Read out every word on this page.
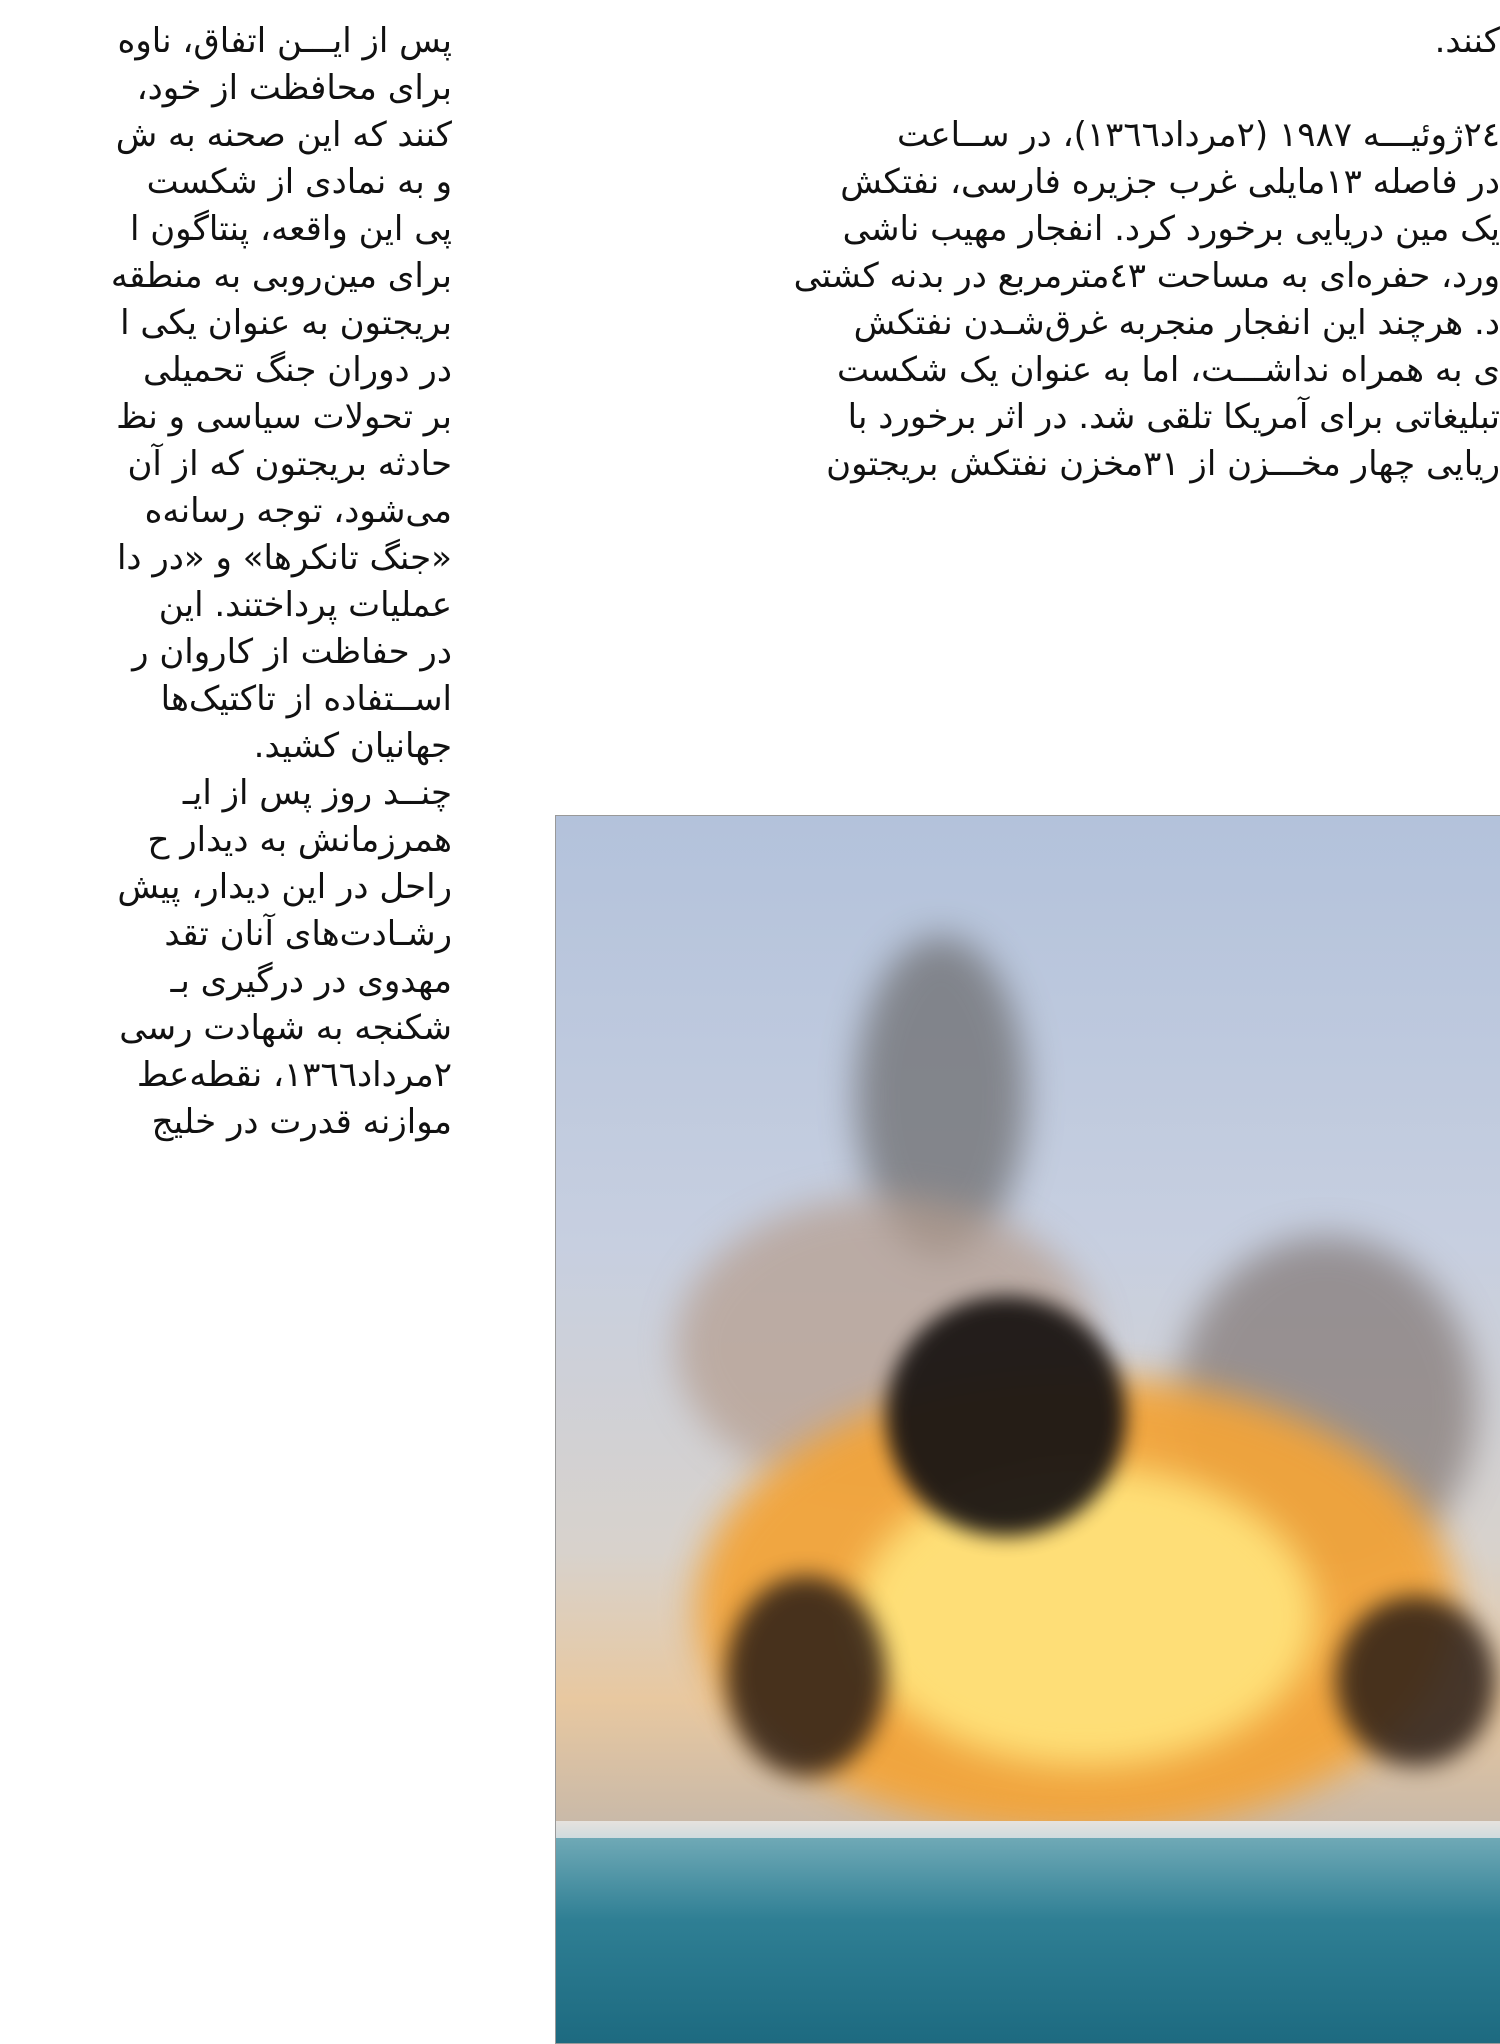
پس از ایـــن اتفاق، ناوه
برای محافظت از خود،
کنند که این صحنه به ش
و به نمادی از شکست
پی این واقعه، پنتاگون ا
برای مین‌روبی به منطقه
بریجتون به عنوان یکی ا
در دوران جنگ تحمیلی
بر تحولات سیاسی و نظ
حادثه بریجتون که از آن
می‌شود، توجه رسانه‌ه
«جنگ تانکرها» و «در دا
عملیات پرداختند. این
در حفاظت از کاروان ر
اســتفاده از تاکتیک‌ها
جهانیان کشید.
چنــد روز پس از ایـ
همرزمانش به دیدار ح
راحل در این دیدار، پیش
رشـادت‌های آنان تقد
مهدوی در درگیری بـ
شکنجه به شهادت رسی
۲مرداد۱۳٦٦، نقطه‌عط
موازنه قدرت در خلیج
کنند.
۲٤ژوئیـــه ۱۹۸۷ (۲مرداد۱۳٦٦)، در ســاعت
در فاصله ۱۳مایلی غرب جزیره فارسی، نفتکش
یک مین دریایی برخورد کرد. انفجار مهیب ناشی
ورد، حفره‌ای به مساحت ٤۳مترمربع در بدنه کشتی
د. هرچند این انفجار منجربه غرق‌شـدن نفتکش
ی به همراه نداشـــت، اما به عنوان یک شکست
تبلیغاتی برای آمریکا تلقی شد. در اثر برخورد با
ریایی چهار مخـــزن از ۳۱مخزن نفتکش بریجتون
